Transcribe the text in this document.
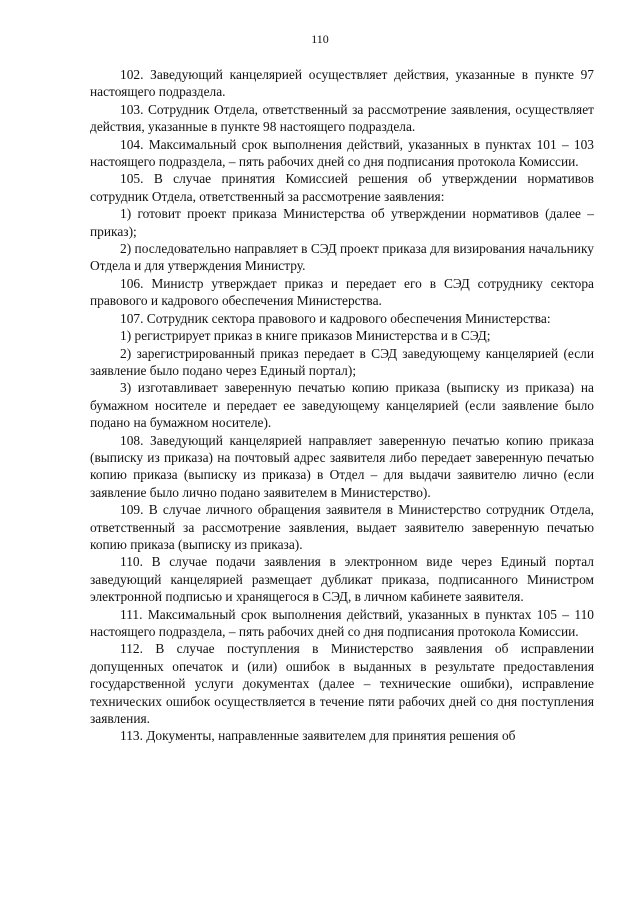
110

102. Заведующий канцелярией осуществляет действия, указанные в пункте 97 настоящего подраздела.

103. Сотрудник Отдела, ответственный за рассмотрение заявления, осуществляет действия, указанные в пункте 98 настоящего подраздела.

104. Максимальный срок выполнения действий, указанных в пунктах 101 – 103 настоящего подраздела, – пять рабочих дней со дня подписания протокола Комиссии.

105. В случае принятия Комиссией решения об утверждении нормативов сотрудник Отдела, ответственный за рассмотрение заявления:

1) готовит проект приказа Министерства об утверждении нормативов (далее – приказ);

2) последовательно направляет в СЭД проект приказа для визирования начальнику Отдела и для утверждения Министру.

106. Министр утверждает приказ и передает его в СЭД сотруднику сектора правового и кадрового обеспечения Министерства.

107. Сотрудник сектора правового и кадрового обеспечения Министерства:

1) регистрирует приказ в книге приказов Министерства и в СЭД;

2) зарегистрированный приказ передает в СЭД заведующему канцелярией (если заявление было подано через Единый портал);

3) изготавливает заверенную печатью копию приказа (выписку из приказа) на бумажном носителе и передает ее заведующему канцелярией (если заявление было подано на бумажном носителе).

108. Заведующий канцелярией направляет заверенную печатью копию приказа (выписку из приказа) на почтовый адрес заявителя либо передает заверенную печатью копию приказа (выписку из приказа) в Отдел – для выдачи заявителю лично (если заявление было лично подано заявителем в Министерство).

109. В случае личного обращения заявителя в Министерство сотрудник Отдела, ответственный за рассмотрение заявления, выдает заявителю заверенную печатью копию приказа (выписку из приказа).

110. В случае подачи заявления в электронном виде через Единый портал заведующий канцелярией размещает дубликат приказа, подписанного Министром электронной подписью и хранящегося в СЭД, в личном кабинете заявителя.

111. Максимальный срок выполнения действий, указанных в пунктах 105 – 110 настоящего подраздела, – пять рабочих дней со дня подписания протокола Комиссии.

112. В случае поступления в Министерство заявления об исправлении допущенных опечаток и (или) ошибок в выданных в результате предоставления государственной услуги документах (далее – технические ошибки), исправление технических ошибок осуществляется в течение пяти рабочих дней со дня поступления заявления.

113. Документы, направленные заявителем для принятия решения об
